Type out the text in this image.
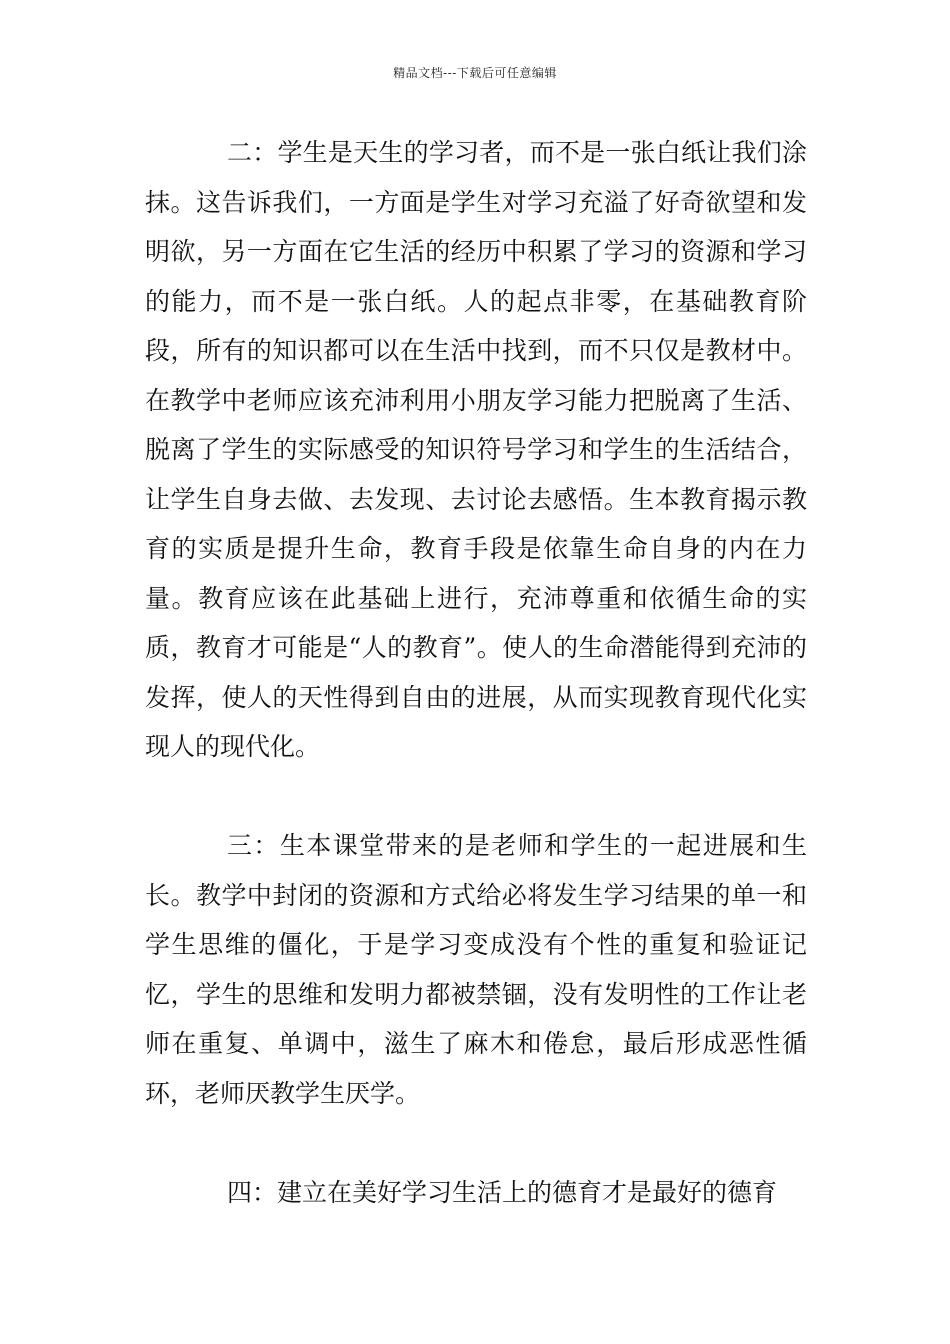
精品文档---下载后可任意编辑

二：学生是天生的学习者，而不是一张白纸让我们涂抹。这告诉我们，一方面是学生对学习充溢了好奇欲望和发明欲，另一方面在它生活的经历中积累了学习的资源和学习的能力，而不是一张白纸。人的起点非零，在基础教育阶段，所有的知识都可以在生活中找到，而不只仅是教材中。在教学中老师应该充沛利用小朋友学习能力把脱离了生活、脱离了学生的实际感受的知识符号学习和学生的生活结合，让学生自身去做、去发现、去讨论去感悟。生本教育揭示教育的实质是提升生命，教育手段是依靠生命自身的内在力量。教育应该在此基础上进行，充沛尊重和依循生命的实质，教育才可能是“人的教育”。使人的生命潜能得到充沛的发挥，使人的天性得到自由的进展，从而实现教育现代化实现人的现代化。

三：生本课堂带来的是老师和学生的一起进展和生长。教学中封闭的资源和方式给必将发生学习结果的单一和学生思维的僵化，于是学习变成没有个性的重复和验证记忆，学生的思维和发明力都被禁锢，没有发明性的工作让老师在重复、单调中，滋生了麻木和倦怠，最后形成恶性循环，老师厌教学生厌学。

四：建立在美好学习生活上的德育才是最好的德育
